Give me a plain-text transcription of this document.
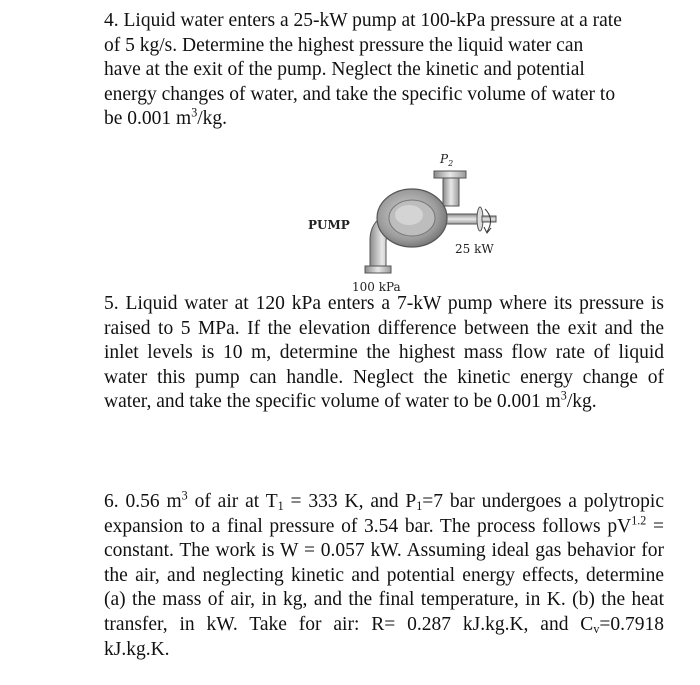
4. Liquid water enters a 25-kW pump at 100-kPa pressure at a rate of 5 kg/s. Determine the highest pressure the liquid water can have at the exit of the pump. Neglect the kinetic and potential energy changes of water, and take the specific volume of water to be 0.001 $m^3/kg$.
PUMP
$P_2$
25 kW
100 kPa
5. Liquid water at 120 kPa enters a 7-kW pump where its pressure is raised to 5 MPa. If the elevation difference between the exit and the inlet levels is 10 m, determine the highest mass flow rate of liquid water this pump can handle. Neglect the kinetic energy change of water, and take the specific volume of water to be 0.001 $m^3/kg$.
6. 0.56 $m^3$ of air at $T_1 = 333$ K, and $P_1=7$ bar undergoes a polytropic expansion to a final pressure of 3.54 bar. The process follows $pV^{1.2}$ = constant. The work is W = 0.057 kW. Assuming ideal gas behavior for the air, and neglecting kinetic and potential energy effects, determine (a) the mass of air, in kg, and the final temperature, in K. (b) the heat transfer, in kW. Take for air: R= 0.287 kJ.kg.K, and $C_v=0.7918$ kJ.kg.K.
